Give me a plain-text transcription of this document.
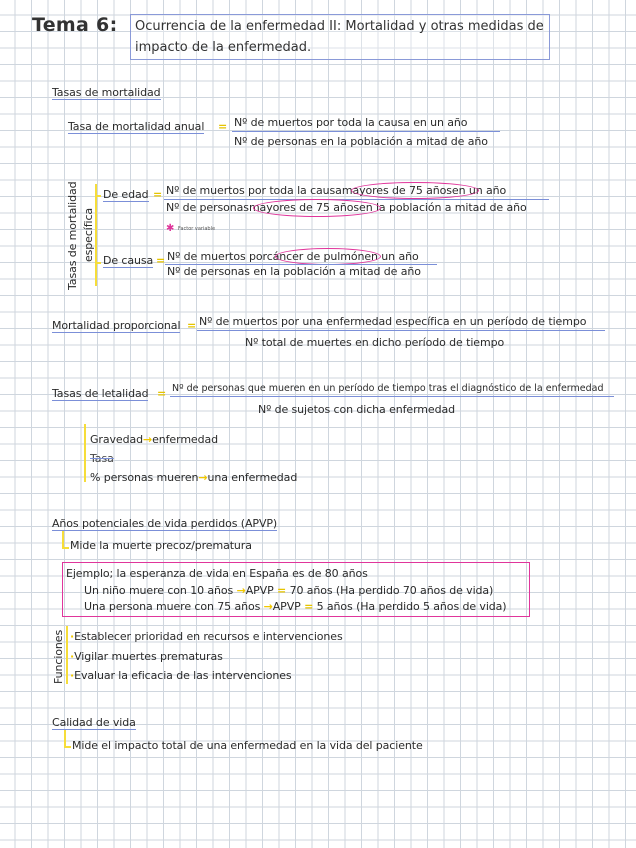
Tema 6: Ocurrencia de la enfermedad II: Mortalidad y otras medidas de
impacto de la enfermedad.
Tasas de mortalidad
Tasa de mortalidad anual = Nº de muertos por toda la causa en un año
Nº de personas en la población a mitad de año
Tasas de mortalidad específica
De edad = Nº de muertos por toda la causamayores de 75 añosen un año
Nº de personasmayores de 75 añosen la población a mitad de año
✱ Factor variable
De causa = Nº de muertos porcáncer de pulmónen un año
Nº de personas en la población a mitad de año
Mortalidad proporcional = Nº de muertos por una enfermedad específica en un período de tiempo
Nº total de muertes en dicho período de tiempo
Tasas de letalidad = Nº de personas que mueren en un período de tiempo tras el diagnóstico de la enfermedad
Nº de sujetos con dicha enfermedad
Gravedad→enfermedad
Tasa
% personas mueren→una enfermedad
Años potenciales de vida perdidos (APVP)
Mide la muerte precoz/prematura
Ejemplo; la esperanza de vida en España es de 80 años
Un niño muere con 10 años →APVP = 70 años (Ha perdido 70 años de vida)
Una persona muere con 75 años →APVP = 5 años (Ha perdido 5 años de vida)
Funciones ·Establecer prioridad en recursos e intervenciones
·Vigilar muertes prematuras
·Evaluar la eficacia de las intervenciones
Calidad de vida
Mide el impacto total de una enfermedad en la vida del paciente
